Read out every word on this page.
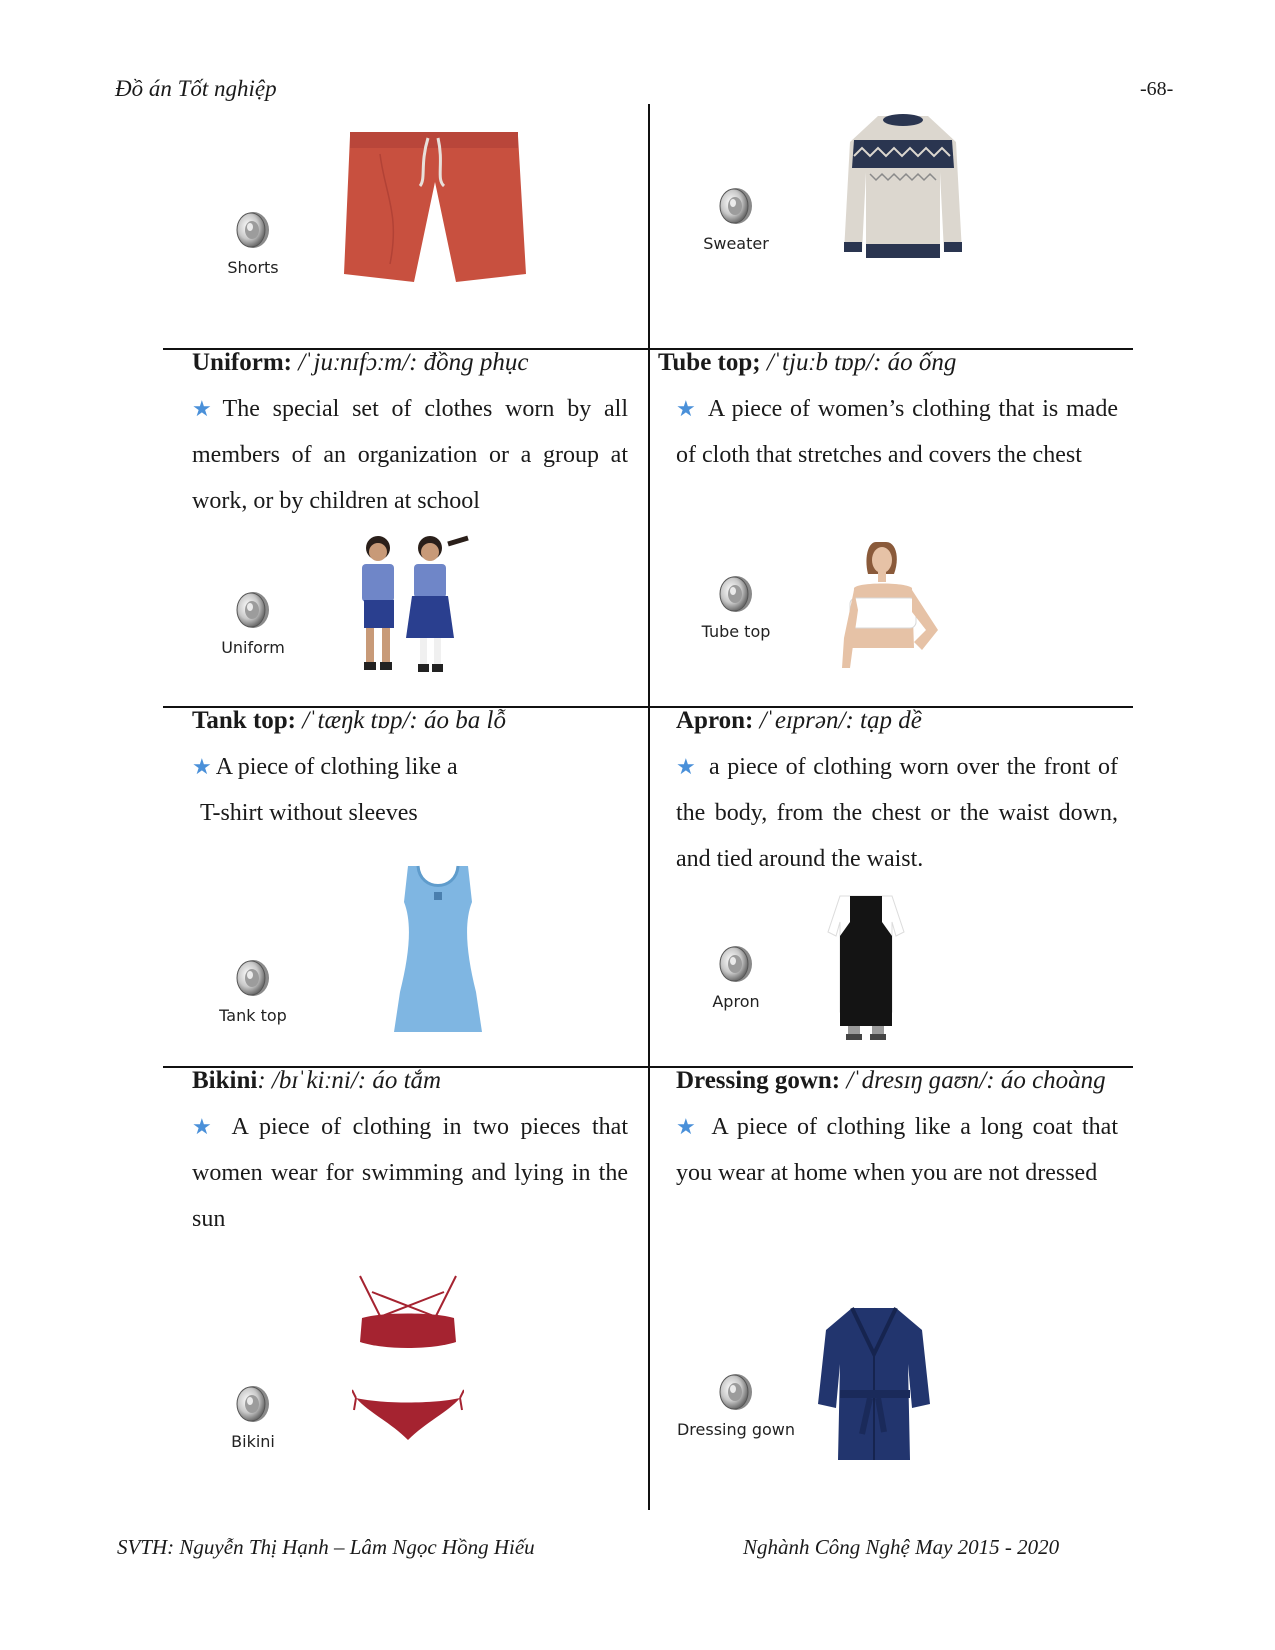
Đồ án Tốt nghiệp	-68-
SVTH: Nguyễn Thị Hạnh – Lâm Ngọc Hồng Hiếu	Nghành Công Nghệ May 2015 - 2020
Shorts
Sweater
Uniform: /ˈjuːnɪfɔːm/: đồng phục

★ The special set of clothes worn by all members of an organization or a group at work, or by children at school

Uniform
Tube top; /ˈtjuːb tɒp/: áo ống

★ A piece of women’s clothing that is made of cloth that stretches and covers the chest

Tube top
Tank top: /ˈtæŋk tɒp/: áo ba lỗ

★ A piece of clothing like a

T-shirt without sleeves

Tank top
Apron: /ˈeɪprən/: tạp dề

★ a piece of clothing worn over the front of the body, from the chest or the waist down, and tied around the waist.

Apron
Bikini: /bɪˈkiːni/: áo tắm

★ A piece of clothing in two pieces that women wear for swimming and lying in the sun

Bikini
Dressing gown: /ˈdresɪŋ ɡaʊn/: áo choàng

★ A piece of clothing like a long coat that you wear at home when you are not dressed

Dressing gown
